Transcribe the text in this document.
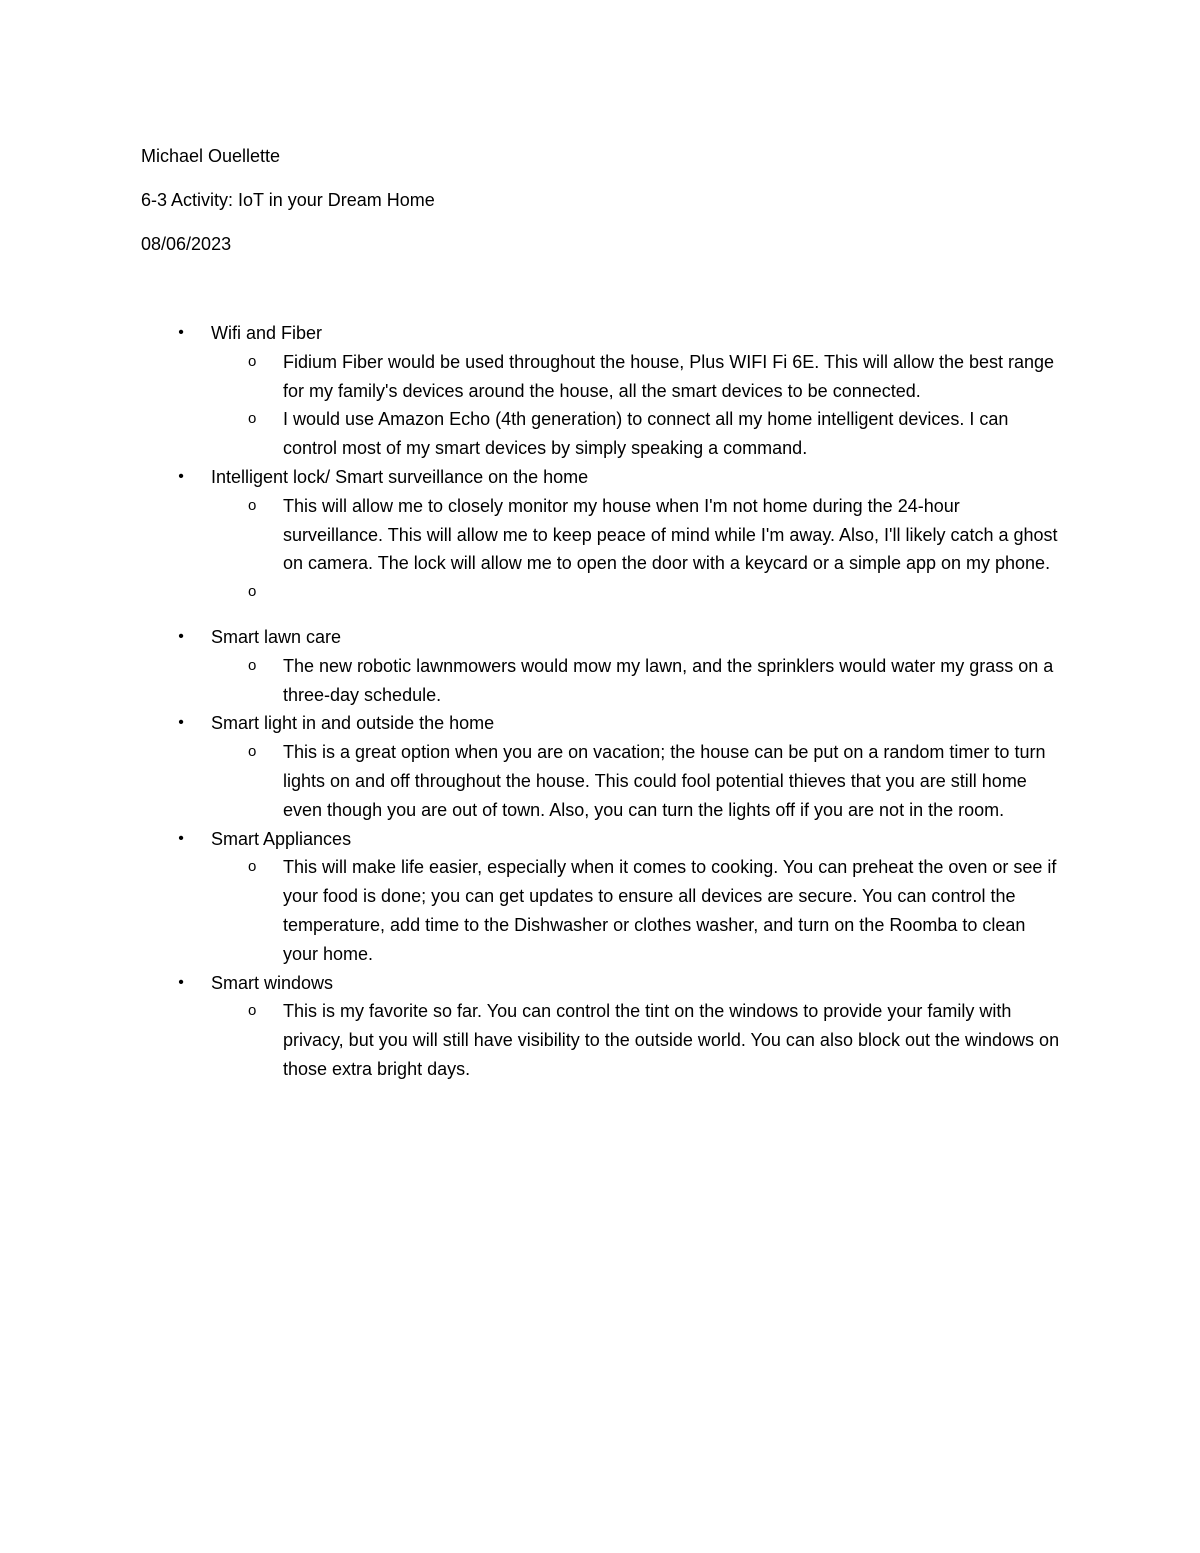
Michael Ouellette
6-3 Activity: IoT in your Dream Home
08/06/2023
• Wifi and Fiber
o Fidium Fiber would be used throughout the house, Plus WIFI Fi 6E. This will allow the best range for my family's devices around the house, all the smart devices to be connected.
o I would use Amazon Echo (4th generation) to connect all my home intelligent devices. I can control most of my smart devices by simply speaking a command.
• Intelligent lock/ Smart surveillance on the home
o This will allow me to closely monitor my house when I'm not home during the 24-hour surveillance. This will allow me to keep peace of mind while I'm away. Also, I'll likely catch a ghost on camera. The lock will allow me to open the door with a keycard or a simple app on my phone.
o
• Smart lawn care
o The new robotic lawnmowers would mow my lawn, and the sprinklers would water my grass on a three-day schedule.
• Smart light in and outside the home
o This is a great option when you are on vacation; the house can be put on a random timer to turn lights on and off throughout the house. This could fool potential thieves that you are still home even though you are out of town. Also, you can turn the lights off if you are not in the room.
• Smart Appliances
o This will make life easier, especially when it comes to cooking. You can preheat the oven or see if your food is done; you can get updates to ensure all devices are secure. You can control the temperature, add time to the Dishwasher or clothes washer, and turn on the Roomba to clean your home.
• Smart windows
o This is my favorite so far. You can control the tint on the windows to provide your family with privacy, but you will still have visibility to the outside world. You can also block out the windows on those extra bright days.
